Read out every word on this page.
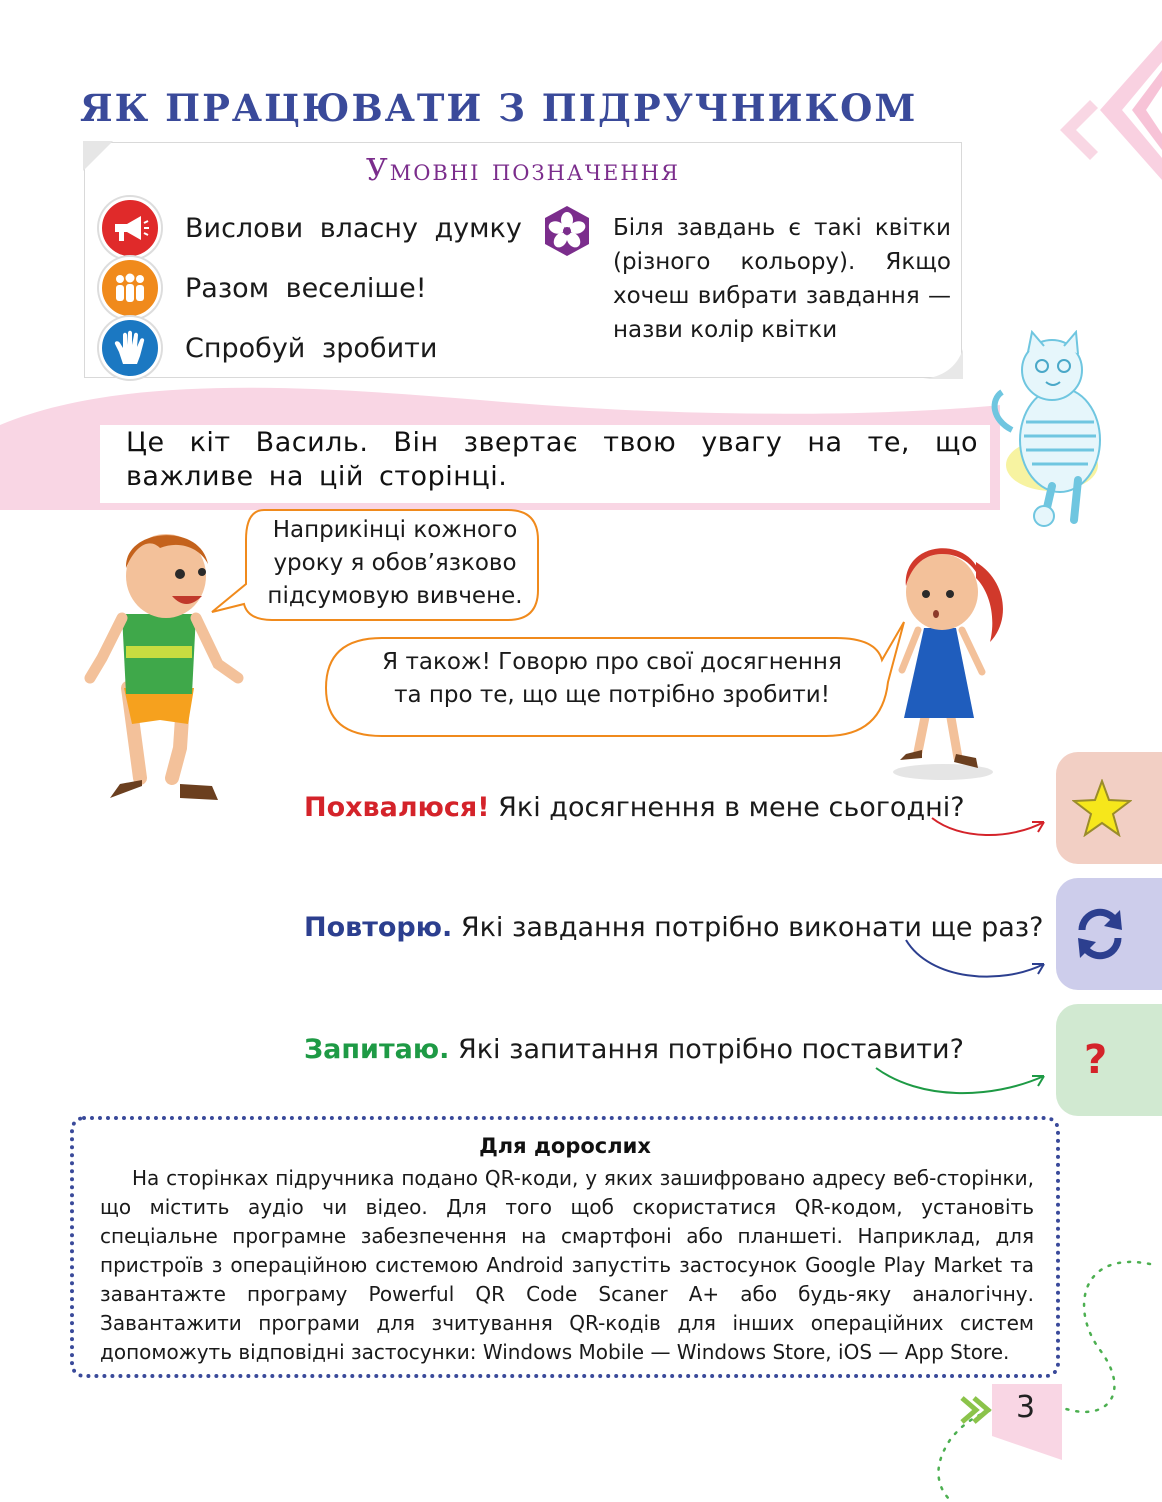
ЯК ПРАЦЮВАТИ З ПІДРУЧНИКОМ
Умовні позначення
Вислови власну думку
Разом веселіше!
Спробуй зробити
Біля завдань є такі квітки (різного кольору). Якщо хочеш вибрати завдання — назви колір квітки
Це кіт Василь. Він звертає твою увагу на те, що важливе на цій сторінці.
Наприкінці кожного уроку я обов’язково підсумовую вивчене.
Я також! Говорю про свої досягнення та про те, що ще потрібно зробити!
Похвалюся! Які досягнення в мене сьогодні?
Повторю. Які завдання потрібно виконати ще раз?
Запитаю. Які запитання потрібно поставити?	?
Для дорослих
На сторінках підручника подано QR-коди, у яких зашифровано адресу веб-сторінки, що містить аудіо чи відео. Для того щоб скористатися QR-кодом, установіть спеціальне програмне забезпечення на смартфоні або планшеті. Наприклад, для пристроїв з операційною системою Android запустіть застосунок Google Play Market та завантажте програму Powerful QR Code Scaner A+ або будь-яку аналогічну. Завантажити програми для зчитування QR-кодів для інших операційних систем допоможуть відповідні застосунки: Windows Mobile — Windows Store, iOS — App Store.
3
